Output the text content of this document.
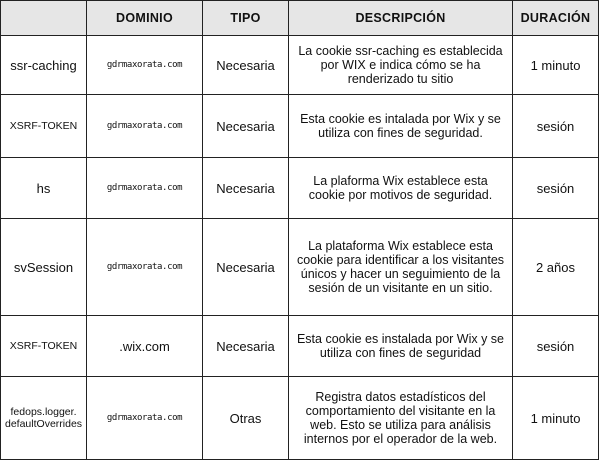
	DOMINIO	TIPO	DESCRIPCIÓN	DURACIÓN
ssr-caching	gdrmaxorata.com	Necesaria	La cookie ssr-caching es establecida por WIX e indica cómo se ha renderizado tu sitio	1 minuto
XSRF-TOKEN	gdrmaxorata.com	Necesaria	Esta cookie es intalada por Wix y se utiliza con fines de seguridad.	sesión
hs	gdrmaxorata.com	Necesaria	La plaforma Wix establece esta cookie por motivos de seguridad.	sesión
svSession	gdrmaxorata.com	Necesaria	La plataforma Wix establece esta cookie para identificar a los visitantes únicos y hacer un seguimiento de la sesión de un visitante en un sitio.	2 años
XSRF-TOKEN	.wix.com	Necesaria	Esta cookie es instalada por Wix y se utiliza con fines de seguridad	sesión
fedops.logger. defaultOverrides	gdrmaxorata.com	Otras	Registra datos estadísticos del comportamiento del visitante en la web. Esto se utiliza para análisis internos por el operador de la web.	1 minuto
